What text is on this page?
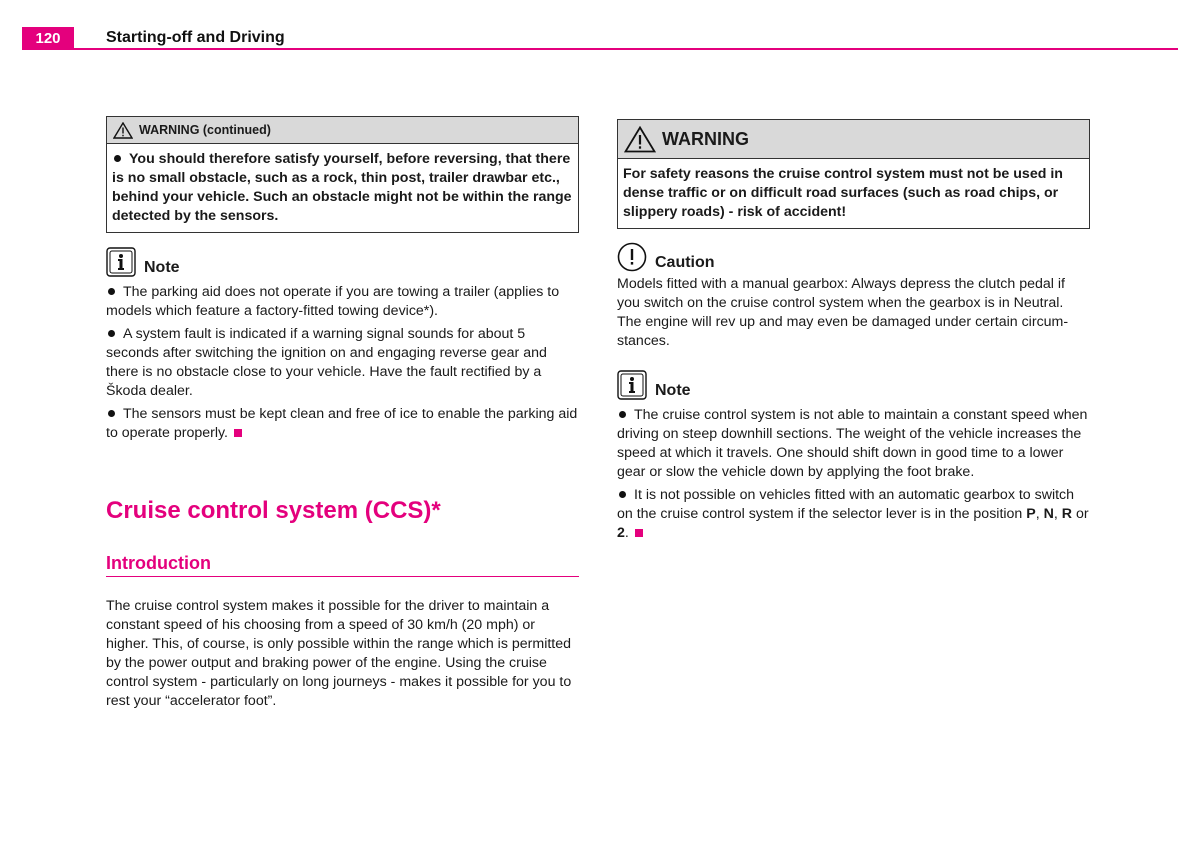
120	Starting-off and Driving
WARNING (continued)
You should therefore satisfy yourself, before reversing, that there is no small obstacle, such as a rock, thin post, trailer drawbar etc., behind your vehicle. Such an obstacle might not be within the range detected by the sensors.
Note

The parking aid does not operate if you are towing a trailer (applies to models which feature a factory-fitted towing device*).

A system fault is indicated if a warning signal sounds for about 5 seconds after switching the ignition on and engaging reverse gear and there is no obstacle close to your vehicle. Have the fault rectified by a Škoda dealer.

The sensors must be kept clean and free of ice to enable the parking aid to operate properly.

Cruise control system (CCS)*
Introduction

The cruise control system makes it possible for the driver to maintain a constant speed of his choosing from a speed of 30 km/h (20 mph) or higher. This, of course, is only possible within the range which is permitted by the power output and braking power of the engine. Using the cruise control system - particularly on long journeys - makes it possible for you to rest your “accelerator foot”.

WARNING
For safety reasons the cruise control system must not be used in dense traffic or on difficult road surfaces (such as road chips, or slippery roads) - risk of accident!
Caution

Models fitted with a manual gearbox: Always depress the clutch pedal if you switch on the cruise control system when the gearbox is in Neutral. The engine will rev up and may even be damaged under certain circum-stances.

Note

The cruise control system is not able to maintain a constant speed when driving on steep downhill sections. The weight of the vehicle increases the speed at which it travels. One should shift down in good time to a lower gear or slow the vehicle down by applying the foot brake.

It is not possible on vehicles fitted with an automatic gearbox to switch on the cruise control system if the selector lever is in the position P, N, R or 2.
